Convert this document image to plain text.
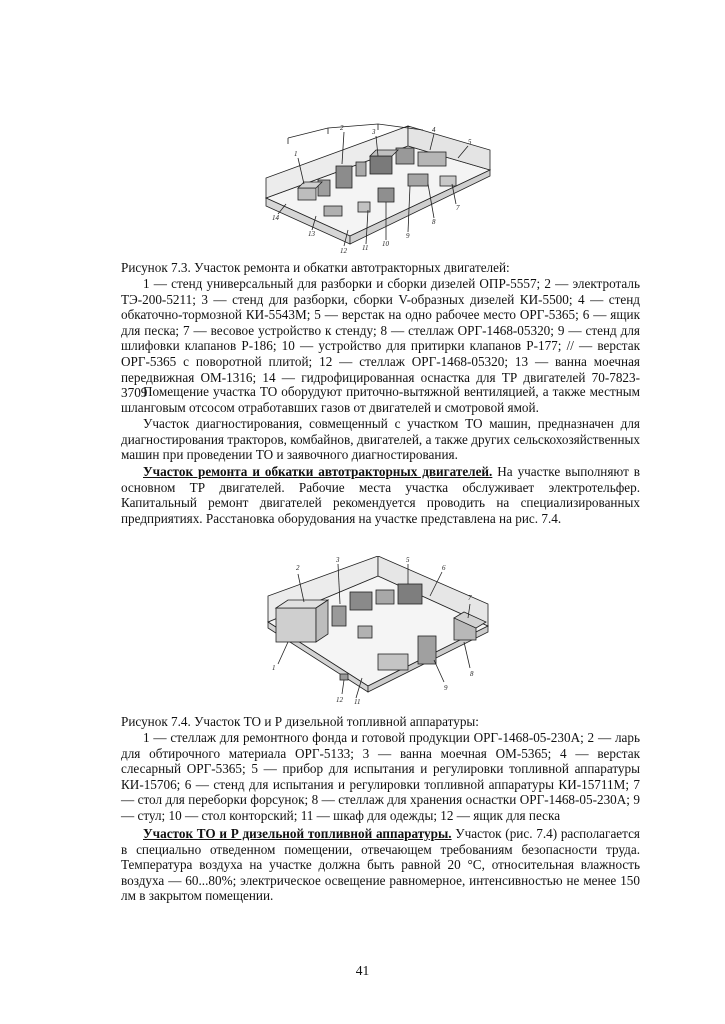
14
13
12 11 10
9
8
7
1
2	3	4
5

Рисунок 7.3. Участок ремонта и обкатки автотракторных двигателей:

1 — стенд универсальный для разборки и сборки дизелей ОПР-5557; 2 — электроталь ТЭ-200-5211; 3 — стенд для разборки, сборки V-образных дизелей КИ-5500; 4 — стенд обкаточно-тормозной КИ-5543М; 5 — верстак на одно рабочее место ОРГ-5365; 6 — ящик для песка; 7 — весовое устройство к стенду; 8 — стеллаж ОРГ-1468-05320; 9 — стенд для шлифовки клапанов Р-186; 10 — устройство для притирки клапанов Р-177; // — верстак ОРГ-5365 с поворотной плитой; 12 — стеллаж ОРГ-1468-05320; 13 — ванна моечная передвижная ОМ-1316; 14 — гидрофицированная оснастка для ТР двигателей 70-7823-3709

Помещение участка ТО оборудуют приточно-вытяжной вентиляцией, а также местным шланговым отсосом отработавших газов от двигателей и смотровой ямой.

Участок диагностирования, совмещенный с участком ТО машин, предназначен для диагностирования тракторов, комбайнов, двигателей, а также других сельскохозяйственных машин при проведении ТО и заявочного диагностирования.

Участок ремонта и обкатки автотракторных двигателей. На участке выполняют в основном ТР двигателей. Рабочие места участка обслуживает электротельфер. Капитальный ремонт двигателей рекомендуется проводить на специализированных предприятиях. Расстановка оборудования на участке представлена на рис. 7.4.

1
12 11
9
8
7
2
3	5
6

Рисунок 7.4. Участок ТО и Р дизельной топливной аппаратуры:

1 — стеллаж для ремонтного фонда и готовой продукции ОРГ-1468-05-230А; 2 — ларь для обтирочного материала ОРГ-5133; 3 — ванна моечная ОМ-5365; 4 — верстак слесарный ОРГ-5365; 5 — прибор для испытания и регулировки топливной аппаратуры КИ-15706; 6 — стенд для испытания и регулировки топливной аппаратуры КИ-15711М; 7 — стол для переборки форсунок; 8 — стеллаж для хранения оснастки ОРГ-1468-05-230А; 9 — стул; 10 — стол конторский; 11 — шкаф для одежды; 12 — ящик для песка

Участок ТО и Р дизельной топливной аппаратуры. Участок (рис. 7.4) располагается в специально отведенном помещении, отвечающем требованиям безопасности труда. Температура воздуха на участке должна быть равной 20 °С, относительная влажность воздуха — 60...80%; электрическое освещение равномерное, интенсивностью не менее 150 лм в закрытом помещении.

41
